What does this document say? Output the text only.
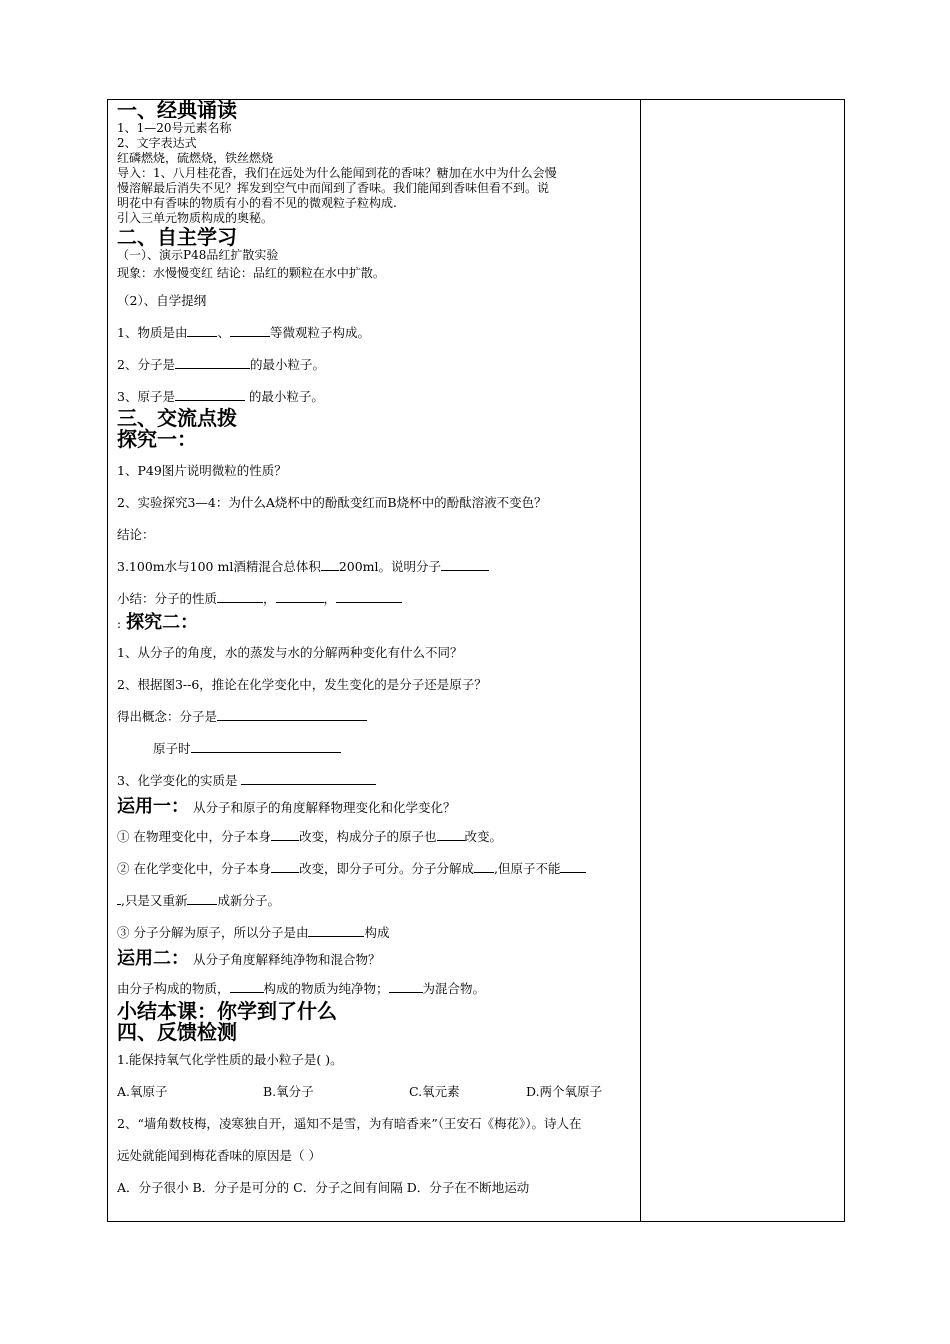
一、经典诵读
1、1—20号元素名称
2、文字表达式
红磷燃烧，硫燃烧，铁丝燃烧
导入：1、八月桂花香，我们在远处为什么能闻到花的香味？糖加在水中为什么会慢
慢溶解最后消失不见？挥发到空气中而闻到了香味。我们能闻到香味但看不到。说
明花中有香味的物质有小的看不见的微观粒子粒构成.
引入三单元物质构成的奥秘。
二、自主学习
（一）、演示P48品红扩散实验
现象：水慢慢变红 结论：品红的颗粒在水中扩散。
（2）、自学提纲
1、物质是由 、	等微观粒子构成。
2、分子是	的最小粒子。
3、原子是	的最小粒子。
三、交流点拨
探究一：
1、P49图片说明微粒的性质？
2、实验探究3—4：为什么A烧杯中的酚酞变红而B烧杯中的酚酞溶液不变色？
结论：
3.100m水与100 ml酒精混合总体积 200ml。说明分子
小结：分子的性质	，	，
: 探究二：
1、从分子的角度，水的蒸发与水的分解两种变化有什么不同？
2、根据图3--6，推论在化学变化中，发生变化的是分子还是原子？
得出概念：分子是
原子时
3、化学变化的实质是
运用一： 从分子和原子的角度解释物理变化和化学变化？
① 在物理变化中，分子本身 改变，构成分子的原子也 改变。
② 在化学变化中，分子本身 改变，即分子可分。分子分解成 ,但原子不能
,只是又重新 成新分子。
③ 分子分解为原子，所以分子是由	构成
运用二： 从分子角度解释纯净物和混合物？
由分子构成的物质，	构成的物质为纯净物；	为混合物。
小结本课：你学到了什么
四、反馈检测
1.能保持氧气化学性质的最小粒子是( )。
A.氧原子	B.氧分子	C.氧元素	D.两个氧原子
2、“墙角数枝梅，凌寒独自开，遥知不是雪，为有暗香来”（王安石《梅花》）。诗人在
远处就能闻到梅花香味的原因是（ ）
A．分子很小 B．分子是可分的 C．分子之间有间隔 D．分子在不断地运动
